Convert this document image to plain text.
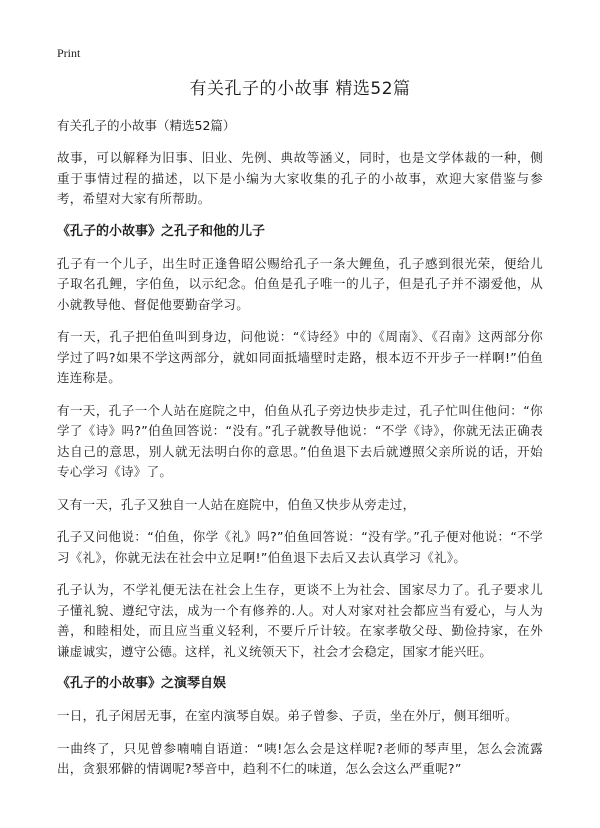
Print
有关孔子的小故事 精选52篇

有关孔子的小故事（精选52篇）

故事，可以解释为旧事、旧业、先例、典故等涵义，同时，也是文学体裁的一种，侧重于事情过程的描述，以下是小编为大家收集的孔子的小故事，欢迎大家借鉴与参考，希望对大家有所帮助。

《孔子的小故事》之孔子和他的儿子

孔子有一个儿子，出生时正逢鲁昭公赐给孔子一条大鲤鱼，孔子感到很光荣，便给儿子取名孔鲤，字伯鱼，以示纪念。伯鱼是孔子唯一的儿子，但是孔子并不溺爱他，从小就教导他、督促他要勤奋学习。

有一天，孔子把伯鱼叫到身边，问他说：“《诗经》中的《周南》、《召南》这两部分你学过了吗?如果不学这两部分，就如同面抵墙壁时走路，根本迈不开步子一样啊!”伯鱼连连称是。

有一天，孔子一个人站在庭院之中，伯鱼从孔子旁边快步走过，孔子忙叫住他问：“你学了《诗》吗?”伯鱼回答说：“没有。”孔子就教导他说：“不学《诗》，你就无法正确表达自己的意思，别人就无法明白你的意思。”伯鱼退下去后就遵照父亲所说的话，开始专心学习《诗》了。

又有一天，孔子又独自一人站在庭院中，伯鱼又快步从旁走过，

孔子又问他说：“伯鱼，你学《礼》吗?”伯鱼回答说：“没有学。”孔子便对他说：“不学习《礼》，你就无法在社会中立足啊!”伯鱼退下去后又去认真学习《礼》。

孔子认为，不学礼便无法在社会上生存，更谈不上为社会、国家尽力了。孔子要求儿子懂礼貌、遵纪守法，成为一个有修养的.人。对人对家对社会都应当有爱心，与人为善，和睦相处，而且应当重义轻利，不要斤斤计较。在家孝敬父母、勤俭持家，在外谦虚诚实，遵守公德。这样，礼义统领天下，社会才会稳定，国家才能兴旺。

《孔子的小故事》之演琴自娱

一日，孔子闲居无事，在室内演琴自娱。弟子曾参、子贡，坐在外厅，侧耳细听。

一曲终了，只见曾参喃喃自语道：“咦!怎么会是这样呢?老师的琴声里，怎么会流露出，贪狠邪僻的情调呢?琴音中，趋利不仁的味道，怎么会这么严重呢?”
